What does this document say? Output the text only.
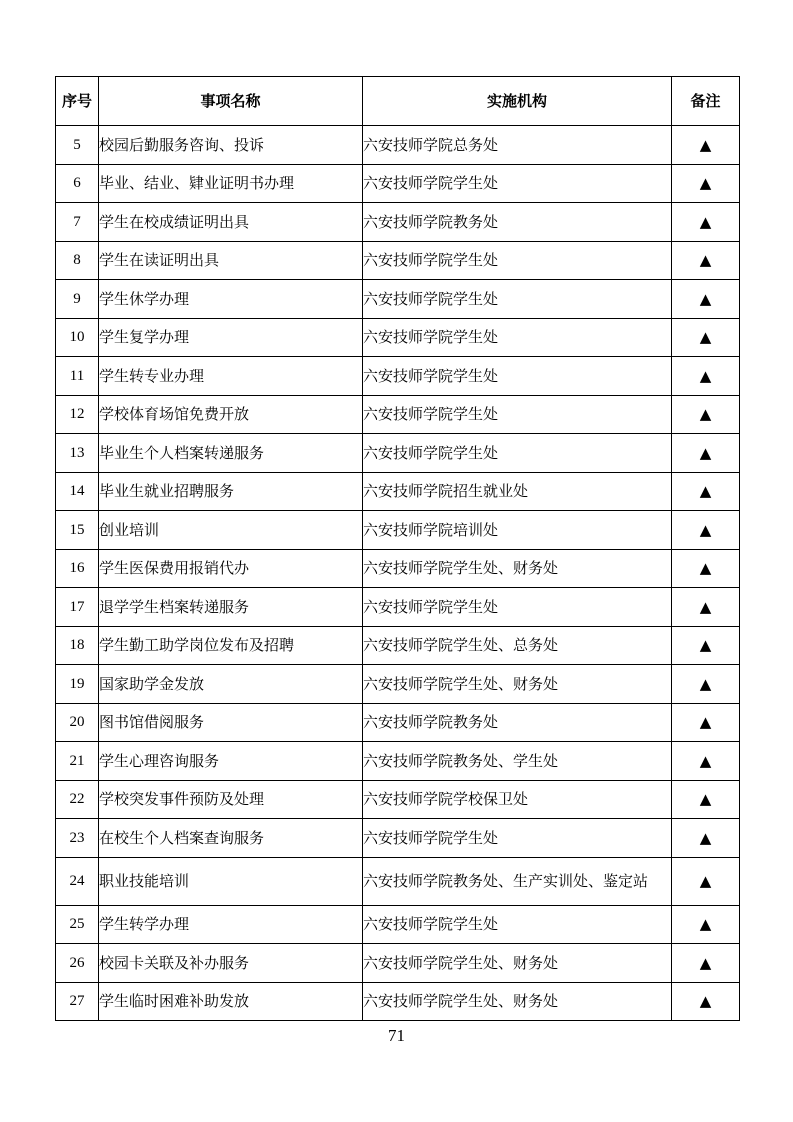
序号	事项名称	实施机构	备注
5	校园后勤服务咨询、投诉	六安技师学院总务处	▲
6	毕业、结业、肄业证明书办理	六安技师学院学生处	▲
7	学生在校成绩证明出具	六安技师学院教务处	▲
8	学生在读证明出具	六安技师学院学生处	▲
9	学生休学办理	六安技师学院学生处	▲
10	学生复学办理	六安技师学院学生处	▲
11	学生转专业办理	六安技师学院学生处	▲
12	学校体育场馆免费开放	六安技师学院学生处	▲
13	毕业生个人档案转递服务	六安技师学院学生处	▲
14	毕业生就业招聘服务	六安技师学院招生就业处	▲
15	创业培训	六安技师学院培训处	▲
16	学生医保费用报销代办	六安技师学院学生处、财务处	▲
17	退学学生档案转递服务	六安技师学院学生处	▲
18	学生勤工助学岗位发布及招聘	六安技师学院学生处、总务处	▲
19	国家助学金发放	六安技师学院学生处、财务处	▲
20	图书馆借阅服务	六安技师学院教务处	▲
21	学生心理咨询服务	六安技师学院教务处、学生处	▲
22	学校突发事件预防及处理	六安技师学院学校保卫处	▲
23	在校生个人档案查询服务	六安技师学院学生处	▲
24	职业技能培训	六安技师学院教务处、生产实训处、鉴定站	▲
25	学生转学办理	六安技师学院学生处	▲
26	校园卡关联及补办服务	六安技师学院学生处、财务处	▲
27	学生临时困难补助发放	六安技师学院学生处、财务处	▲
71
